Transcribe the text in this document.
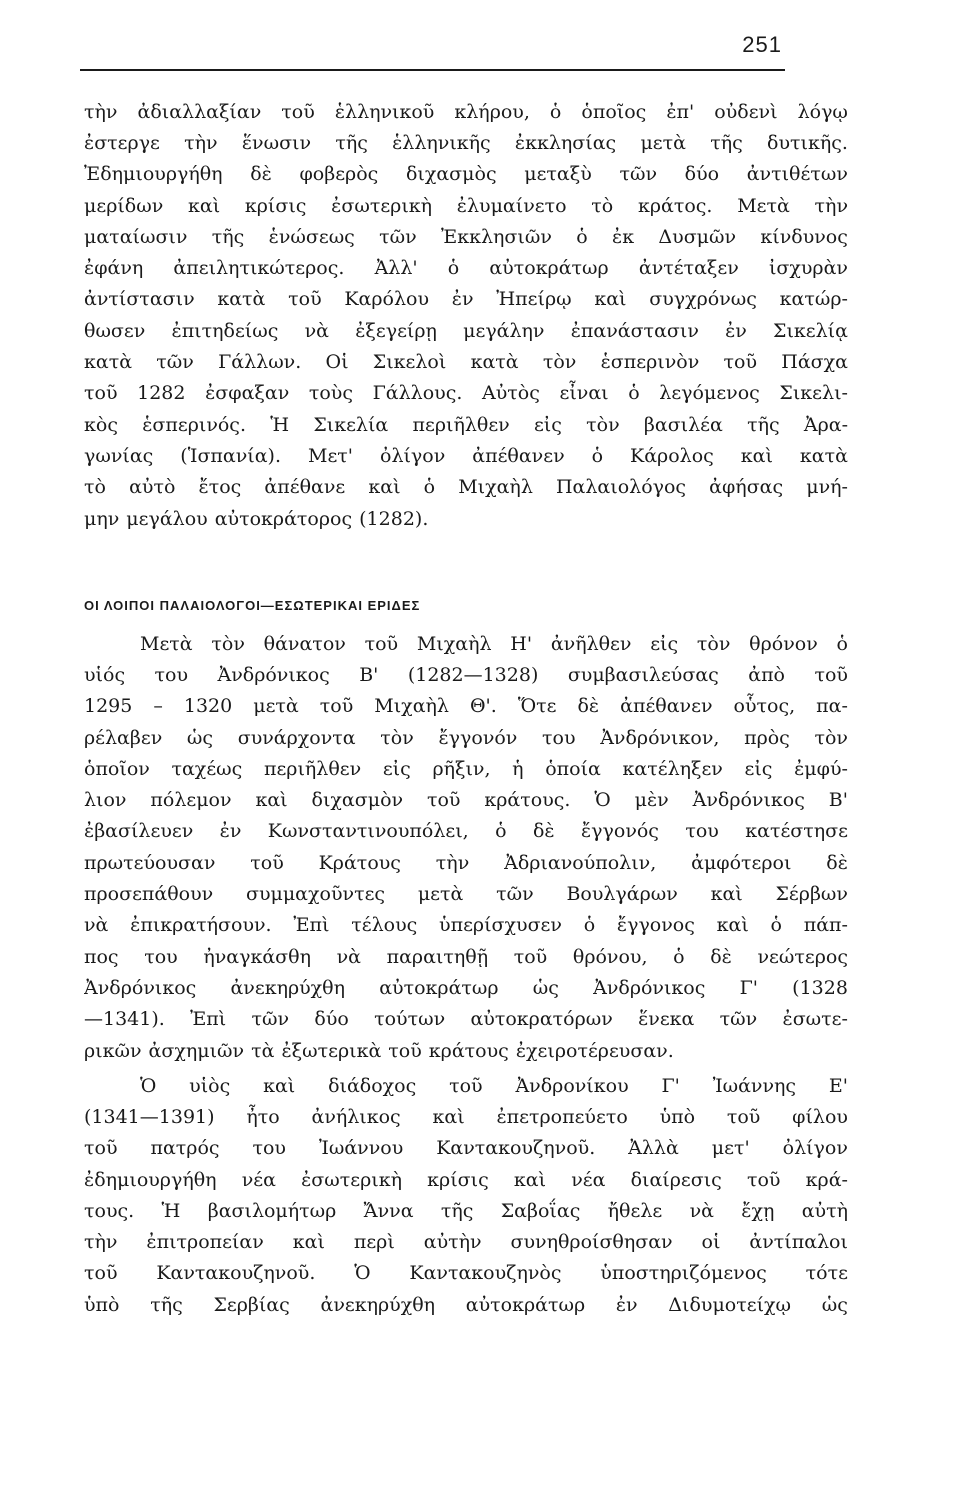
251
τὴν ἀδιαλλαξίαν τοῦ ἑλληνικοῦ κλήρου, ὁ ὁποῖος ἐπ' οὐδενὶ λόγῳ
ἐστεργε τὴν ἕνωσιν τῆς ἑλληνικῆς ἐκκλησίας μετὰ τῆς δυτικῆς.
Ἐδημιουργήθη δὲ φοβερὸς διχασμὸς μεταξὺ τῶν δύο ἀντιθέτων
μερίδων καὶ κρίσις ἐσωτερικὴ ἐλυμαίνετο τὸ κράτος. Μετὰ τὴν
ματαίωσιν τῆς ἑνώσεως τῶν Ἐκκλησιῶν ὁ ἐκ Δυσμῶν κίνδυνος
ἐφάνη ἀπειλητικώτερος. Ἀλλ' ὁ αὐτοκράτωρ ἀντέταξεν ἰσχυρὰν
ἀντίστασιν κατὰ τοῦ Καρόλου ἐν Ἠπείρῳ καὶ συγχρόνως κατώρ-
θωσεν ἐπιτηδείως νὰ ἐξεγείρῃ μεγάλην ἐπανάστασιν ἐν Σικελίᾳ
κατὰ τῶν Γάλλων. Οἱ Σικελοὶ κατὰ τὸν ἑσπερινὸν τοῦ Πάσχα
τοῦ 1282 ἐσφαξαν τοὺς Γάλλους. Αὐτὸς εἶναι ὁ λεγόμενος Σικελι-
κὸς ἑσπερινός. Ἡ Σικελία περιῆλθεν εἰς τὸν βασιλέα τῆς Ἀρα-
γωνίας (Ἱσπανία). Μετ' ὀλίγον ἀπέθανεν ὁ Κάρολος καὶ κατὰ
τὸ αὐτὸ ἔτος ἀπέθανε καὶ ὁ Μιχαὴλ Παλαιολόγος ἀφήσας μνή-
μην μεγάλου αὐτοκράτορος (1282).
ΟΙ ΛΟΙΠΟΙ ΠΑΛΑΙΟΛΟΓΟΙ—ΕΣΩΤΕΡΙΚΑΙ ΕΡΙΔΕΣ
Μετὰ τὸν θάνατον τοῦ Μιχαὴλ Η' ἀνῆλθεν εἰς τὸν θρόνον ὁ
υἱός του Ἀνδρόνικος Β' (1282—1328) συμβασιλεύσας ἀπὸ τοῦ
1295 – 1320 μετὰ τοῦ Μιχαὴλ Θ'. Ὅτε δὲ ἀπέθανεν οὗτος, πα-
ρέλαβεν ὡς συνάρχοντα τὸν ἔγγονόν του Ἀνδρόνικον, πρὸς τὸν
ὁποῖον ταχέως περιῆλθεν εἰς ρῆξιν, ἡ ὁποία κατέληξεν εἰς ἐμφύ-
λιον πόλεμον καὶ διχασμὸν τοῦ κράτους. Ὁ μὲν Ἀνδρόνικος Β'
ἐβασίλευεν ἐν Κωνσταντινουπόλει, ὁ δὲ ἔγγονός του κατέστησε
πρωτεύουσαν τοῦ Κράτους τὴν Ἀδριανούπολιν, ἀμφότεροι δὲ
προσεπάθουν συμμαχοῦντες μετὰ τῶν Βουλγάρων καὶ Σέρβων
νὰ ἐπικρατήσουν. Ἐπὶ τέλους ὑπερίσχυσεν ὁ ἔγγονος καὶ ὁ πάπ-
πος του ἠναγκάσθη νὰ παραιτηθῇ τοῦ θρόνου, ὁ δὲ νεώτερος
Ἀνδρόνικος ἀνεκηρύχθη αὐτοκράτωρ ὡς Ἀνδρόνικος Γ' (1328
—1341). Ἐπὶ τῶν δύο τούτων αὐτοκρατόρων ἕνεκα τῶν ἐσωτε-
ρικῶν ἀσχημιῶν τὰ ἐξωτερικὰ τοῦ κράτους ἐχειροτέρευσαν.
Ὁ υἱὸς καὶ διάδοχος τοῦ Ἀνδρονίκου Γ' Ἰωάννης Ε'
(1341—1391) ἦτο ἀνήλικος καὶ ἐπετροπεύετο ὑπὸ τοῦ φίλου
τοῦ πατρός του Ἰωάννου Καντακουζηνοῦ. Ἀλλὰ μετ' ὀλίγον
ἐδημιουργήθη νέα ἐσωτερικὴ κρίσις καὶ νέα διαίρεσις τοῦ κρά-
τους. Ἡ βασιλομήτωρ Ἄννα τῆς Σαβοΐας ἤθελε νὰ ἔχῃ αὐτὴ
τὴν ἐπιτροπείαν καὶ περὶ αὐτὴν συνηθροίσθησαν οἱ ἀντίπαλοι
τοῦ Καντακουζηνοῦ. Ὁ Καντακουζηνὸς ὑποστηριζόμενος τότε
ὑπὸ τῆς Σερβίας ἀνεκηρύχθη αὐτοκράτωρ ἐν Διδυμοτείχῳ ὡς
